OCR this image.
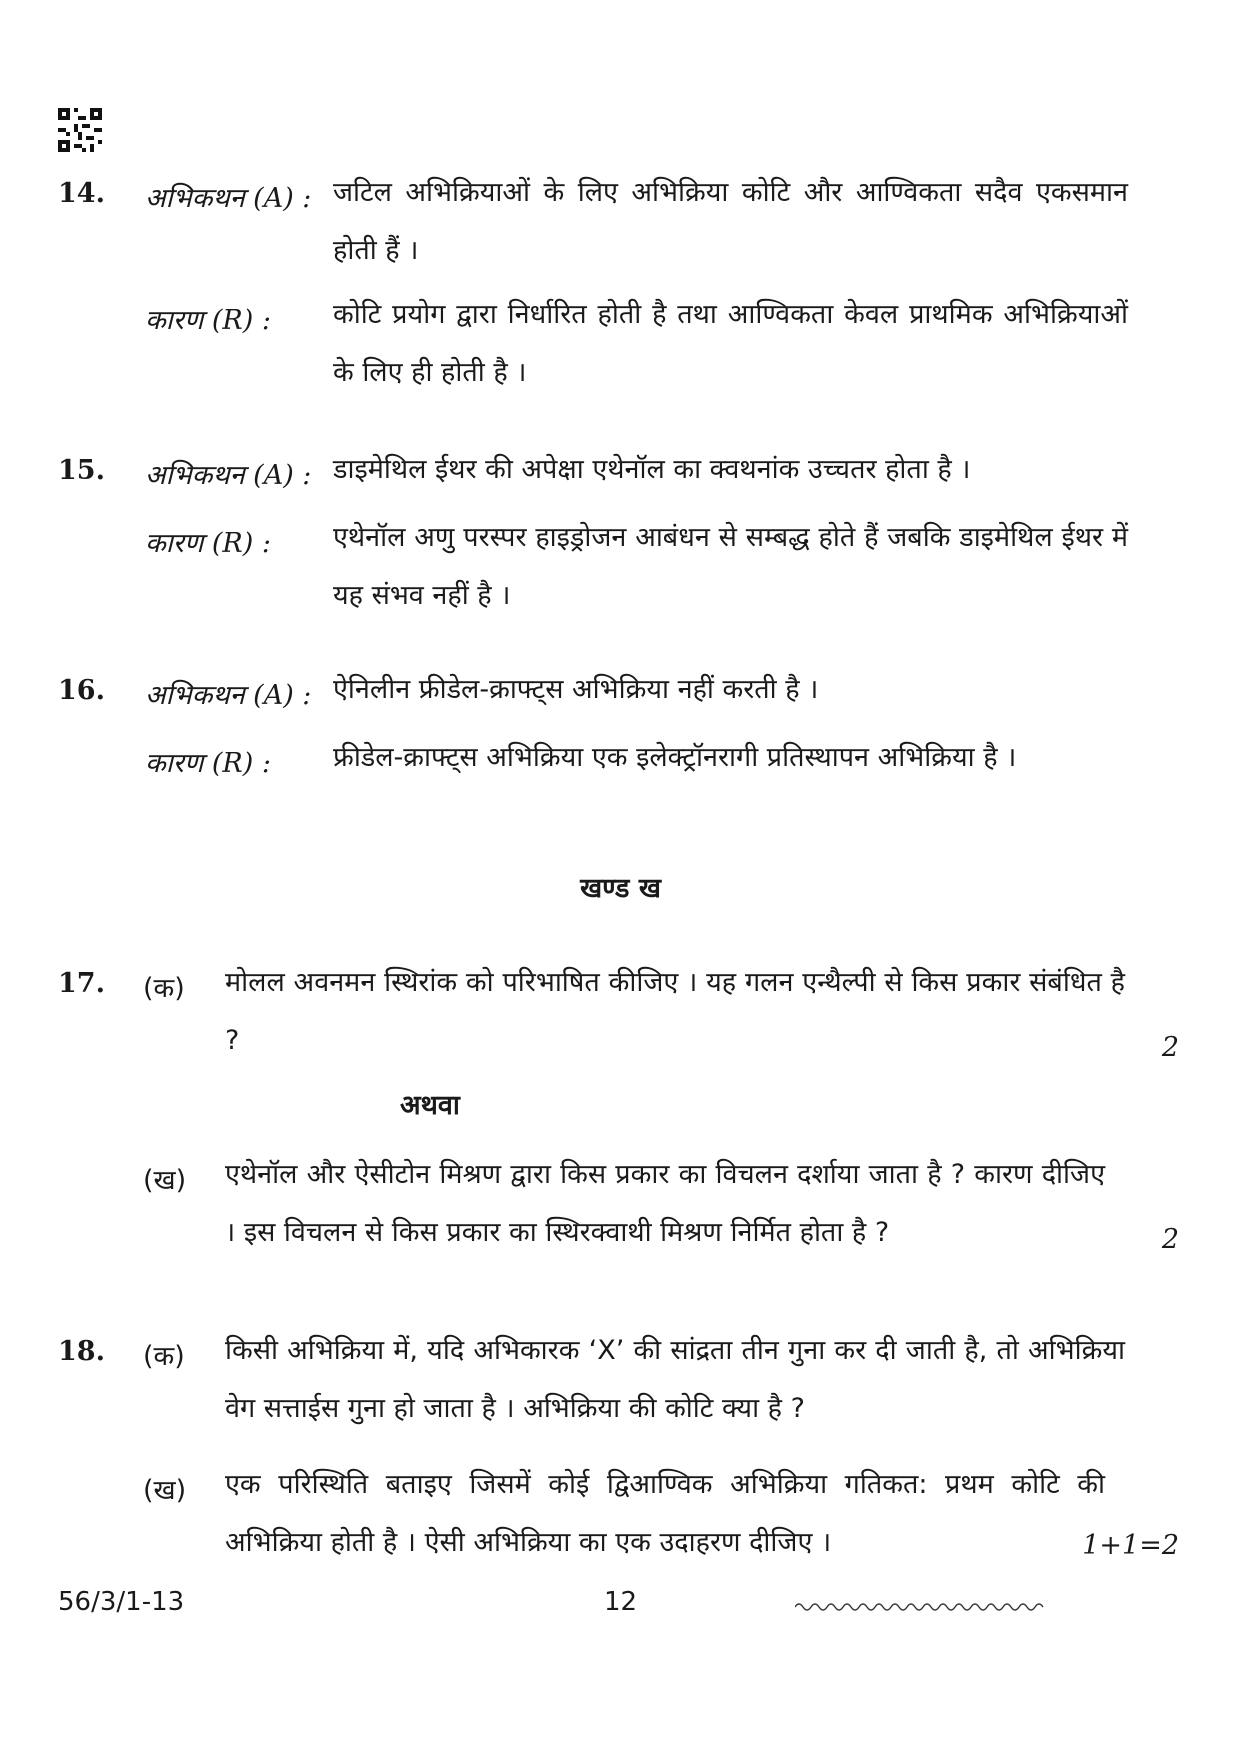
14. अभिकथन (A) : जटिल अभिक्रियाओं के लिए अभिक्रिया कोटि और आण्विकता सदैव एकसमान होती हैं ।
कारण (R) : कोटि प्रयोग द्वारा निर्धारित होती है तथा आण्विकता केवल प्राथमिक अभिक्रियाओं के लिए ही होती है ।
15. अभिकथन (A) : डाइमेथिल ईथर की अपेक्षा एथेनॉल का क्वथनांक उच्चतर होता है ।
कारण (R) : एथेनॉल अणु परस्पर हाइड्रोजन आबंधन से सम्बद्ध होते हैं जबकि डाइमेथिल ईथर में यह संभव नहीं है ।
16. अभिकथन (A) : ऐनिलीन फ्रीडेल-क्राफ्ट्स अभिक्रिया नहीं करती है ।
कारण (R) : फ्रीडेल-क्राफ्ट्स अभिक्रिया एक इलेक्ट्रॉनरागी प्रतिस्थापन अभिक्रिया है ।
खण्ड ख
17. (क) मोलल अवनमन स्थिरांक को परिभाषित कीजिए । यह गलन एन्थैल्पी से किस प्रकार संबंधित है ?	2
अथवा
(ख) एथेनॉल और ऐसीटोन मिश्रण द्वारा किस प्रकार का विचलन दर्शाया जाता है ? कारण दीजिए । इस विचलन से किस प्रकार का स्थिरक्वाथी मिश्रण निर्मित होता है ?	2
18. (क) किसी अभिक्रिया में, यदि अभिकारक ‘X’ की सांद्रता तीन गुना कर दी जाती है, तो अभिक्रिया वेग सत्ताईस गुना हो जाता है । अभिक्रिया की कोटि क्या है ?
(ख) एक परिस्थिति बताइए जिसमें कोई द्विआण्विक अभिक्रिया गतिकत: प्रथम कोटि की अभिक्रिया होती है । ऐसी अभिक्रिया का एक उदाहरण दीजिए ।	1+1=2
56/3/1-13	12
